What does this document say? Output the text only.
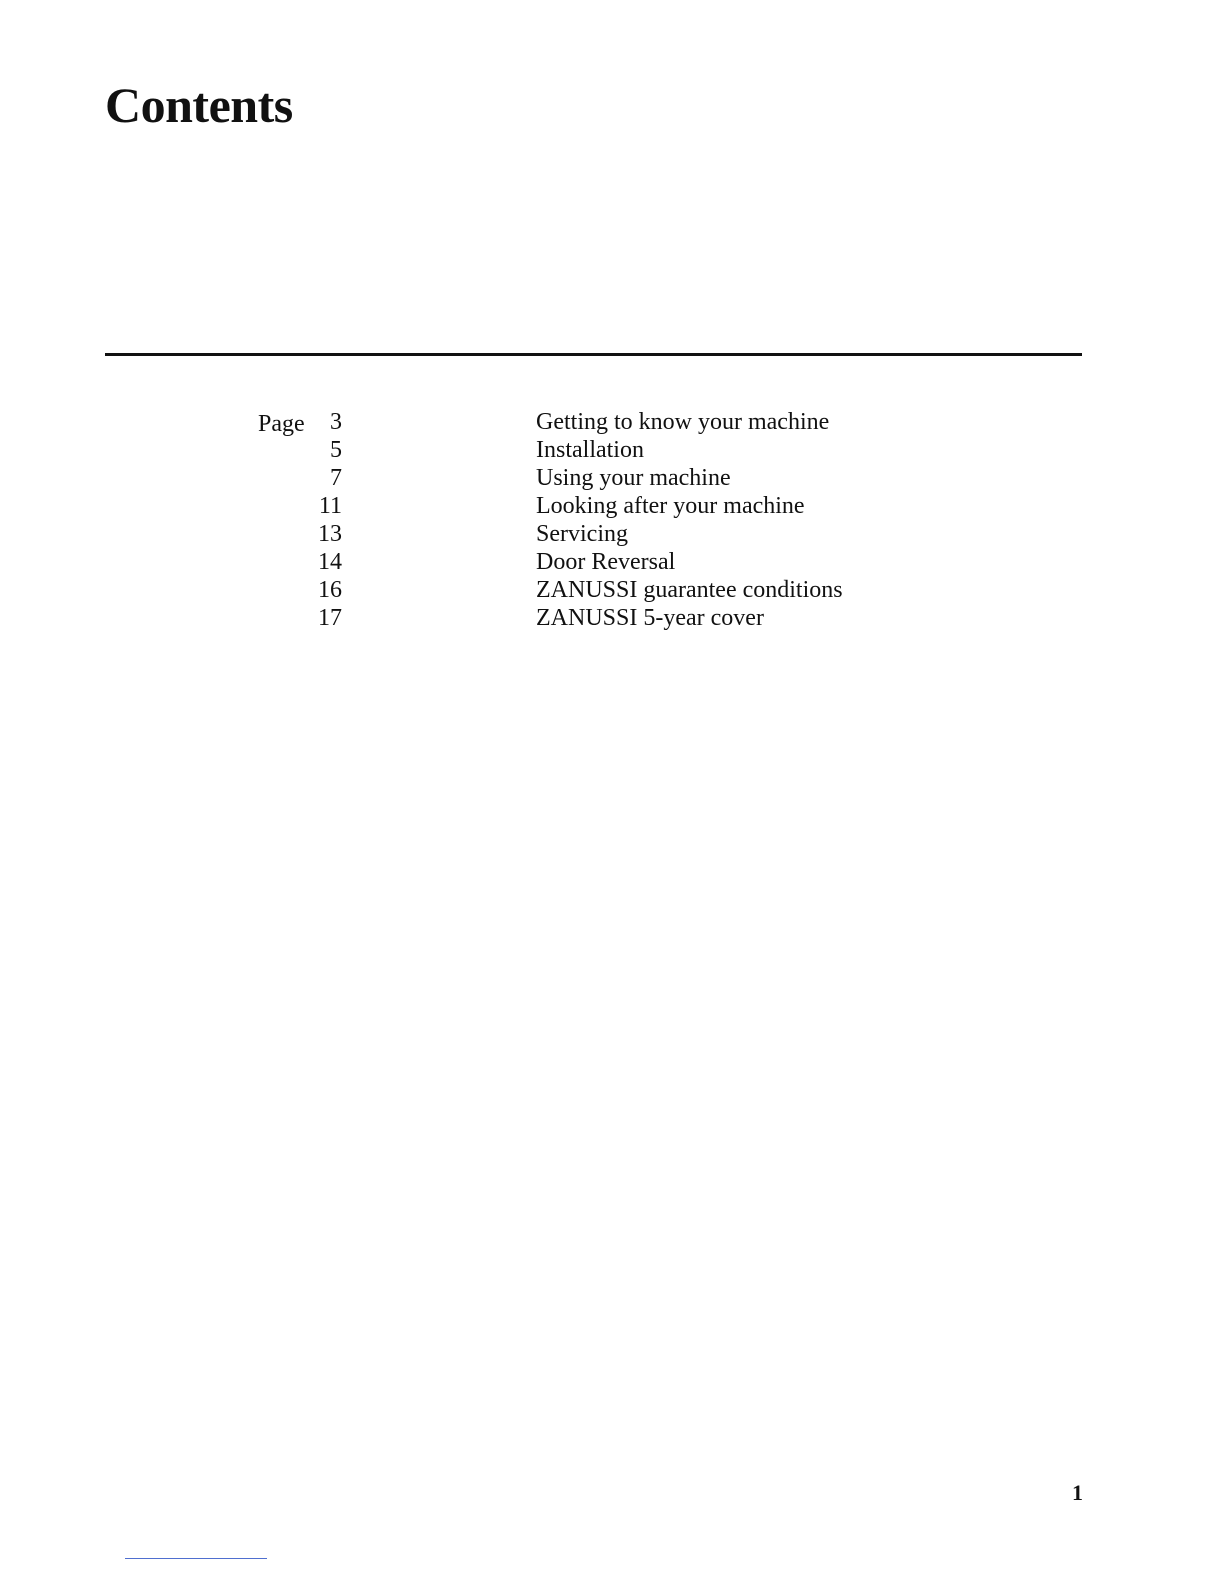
Contents
Page	3	Getting to know your machine
5	Installation
7	Using your machine
11	Looking after your machine
13	Servicing
14	Door Reversal
16	ZANUSSI guarantee conditions
17	ZANUSSI 5-year cover
1
